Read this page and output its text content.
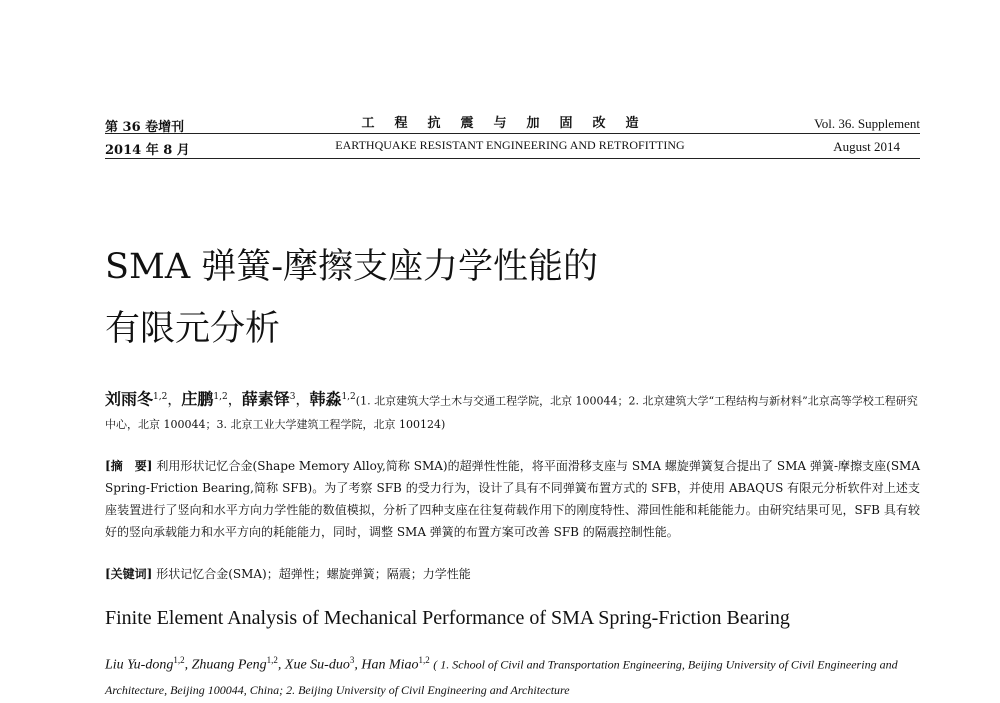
第 36 卷增刊
2014 年 8 月
工程抗震与加固改造
EARTHQUAKE RESISTANT ENGINEERING AND RETROFITTING
Vol. 36. Supplement
August 2014
SMA 弹簧-摩擦支座力学性能的
有限元分析
刘雨冬$^{1,2}$，庄鹏$^{1,2}$，薛素铎$^3$，韩淼$^{1,2}$(1. 北京建筑大学土木与交通工程学院，北京 100044；2. 北京建筑大学“工程结构与新材料”北京高等学校工程研究中心，北京 100044；3. 北京工业大学建筑工程学院，北京 100124)
[摘　要] 利用形状记忆合金(Shape Memory Alloy,简称 SMA)的超弹性性能，将平面滑移支座与 SMA 螺旋弹簧复合提出了 SMA 弹簧-摩擦支座(SMA Spring-Friction Bearing,简称 SFB)。为了考察 SFB 的受力行为，设计了具有不同弹簧布置方式的 SFB，并使用 ABAQUS 有限元分析软件对上述支座装置进行了竖向和水平方向力学性能的数值模拟，分析了四种支座在往复荷载作用下的刚度特性、滞回性能和耗能能力。由研究结果可见，SFB 具有较好的竖向承载能力和水平方向的耗能能力，同时，调整 SMA 弹簧的布置方案可改善 SFB 的隔震控制性能。
[关键词] 形状记忆合金(SMA)；超弹性；螺旋弹簧；隔震；力学性能
Finite Element Analysis of Mechanical Performance of SMA Spring-Friction Bearing
Liu Yu-dong$^{1,2}$, Zhuang Peng$^{1,2}$, Xue Su-duo$^3$, Han Miao$^{1,2}$ ( 1. School of Civil and Transportation Engineering, Beijing University of Civil Engineering and Architecture, Beijing 100044, China; 2. Beijing University of Civil Engineering and Architecture
